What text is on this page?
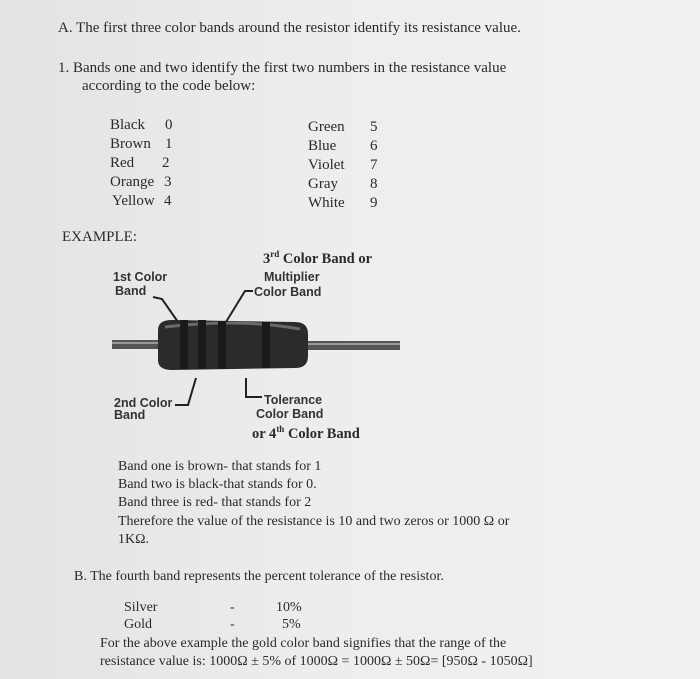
A. The first three color bands around the resistor identify its resistance value.
1. Bands one and two identify the first two numbers in the resistance value
according to the code below:
Black 0
Brown 1
Red 2
Orange 3
Yellow 4
Green 5
Blue 6
Violet 7
Gray 8
White 9
EXAMPLE:
3rd Color Band or
Multiplier
Color Band
1st Color
Band
2nd Color
Band
Tolerance
Color Band
or 4th Color Band
Band one is brown- that stands for 1
Band two is black-that stands for 0.
Band three is red- that stands for 2
Therefore the value of the resistance is 10 and two zeros or 1000 Ω or
1KΩ.
B. The fourth band represents the percent tolerance of the resistor.
Silver	-	10%
Gold	-	5%
For the above example the gold color band signifies that the range of the
resistance value is: 1000Ω ± 5% of 1000Ω = 1000Ω ± 50Ω= [950Ω - 1050Ω]
